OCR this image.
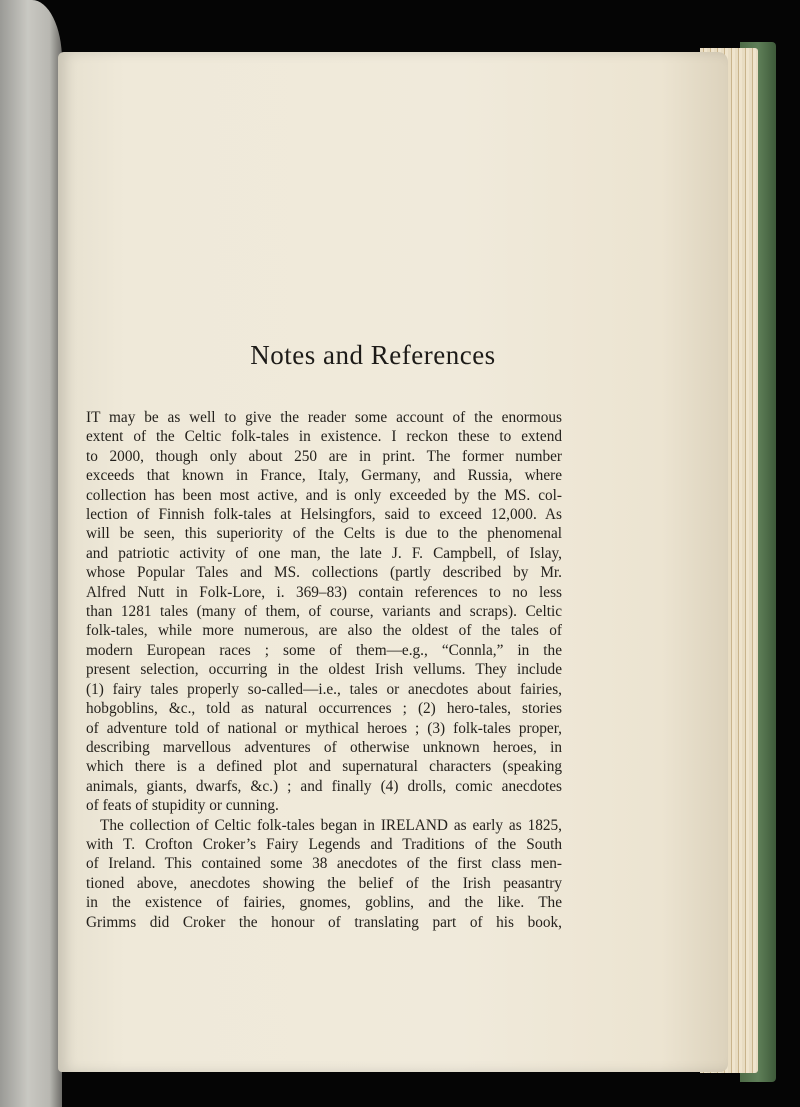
Notes and References
IT may be as well to give the reader some account of the enormous
extent of the Celtic folk-tales in existence. I reckon these to extend
to 2000, though only about 250 are in print. The former number
exceeds that known in France, Italy, Germany, and Russia, where
collection has been most active, and is only exceeded by the MS. col-
lection of Finnish folk-tales at Helsingfors, said to exceed 12,000. As
will be seen, this superiority of the Celts is due to the phenomenal
and patriotic activity of one man, the late J. F. Campbell, of Islay,
whose Popular Tales and MS. collections (partly described by Mr.
Alfred Nutt in Folk-Lore, i. 369–83) contain references to no less
than 1281 tales (many of them, of course, variants and scraps). Celtic
folk-tales, while more numerous, are also the oldest of the tales of
modern European races ; some of them—e.g., “Connla,” in the
present selection, occurring in the oldest Irish vellums. They include
(1) fairy tales properly so-called—i.e., tales or anecdotes about fairies,
hobgoblins, &c., told as natural occurrences ; (2) hero-tales, stories
of adventure told of national or mythical heroes ; (3) folk-tales proper,
describing marvellous adventures of otherwise unknown heroes, in
which there is a defined plot and supernatural characters (speaking
animals, giants, dwarfs, &c.) ; and finally (4) drolls, comic anecdotes
of feats of stupidity or cunning.
The collection of Celtic folk-tales began in IRELAND as early as 1825,
with T. Crofton Croker’s Fairy Legends and Traditions of the South
of Ireland. This contained some 38 anecdotes of the first class men-
tioned above, anecdotes showing the belief of the Irish peasantry
in the existence of fairies, gnomes, goblins, and the like. The
Grimms did Croker the honour of translating part of his book,
